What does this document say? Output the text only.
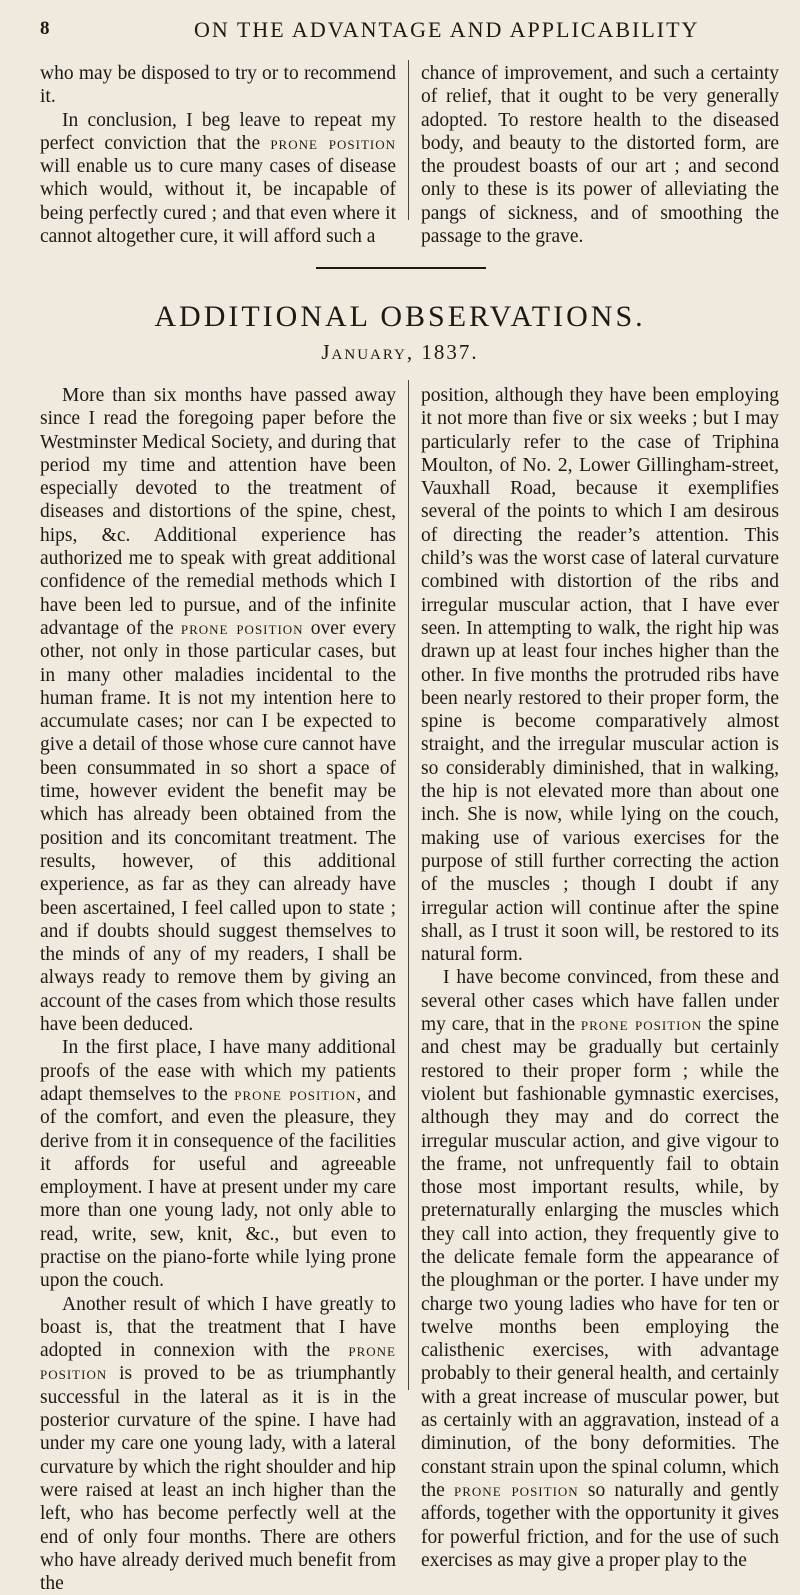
8	ON THE ADVANTAGE AND APPLICABILITY

who may be disposed to try or to recommend it.

In conclusion, I beg leave to repeat my perfect conviction that the prone position will enable us to cure many cases of disease which would, without it, be incapable of being perfectly cured ; and that even where it cannot altogether cure, it will afford such a

chance of improvement, and such a certainty of relief, that it ought to be very generally adopted. To restore health to the diseased body, and beauty to the distorted form, are the proudest boasts of our art ; and second only to these is its power of alleviating the pangs of sickness, and of smoothing the passage to the grave.

ADDITIONAL OBSERVATIONS.
January, 1837.

More than six months have passed away since I read the foregoing paper before the Westminster Medical Society, and during that period my time and attention have been especially devoted to the treatment of diseases and distortions of the spine, chest, hips, &c. Additional experience has authorized me to speak with great additional confidence of the remedial methods which I have been led to pursue, and of the infinite advantage of the prone position over every other, not only in those particular cases, but in many other maladies incidental to the human frame. It is not my intention here to accumulate cases; nor can I be expected to give a detail of those whose cure cannot have been consummated in so short a space of time, however evident the benefit may be which has already been obtained from the position and its concomitant treatment. The results, however, of this additional experience, as far as they can already have been ascertained, I feel called upon to state ; and if doubts should suggest themselves to the minds of any of my readers, I shall be always ready to remove them by giving an account of the cases from which those results have been deduced.

In the first place, I have many additional proofs of the ease with which my patients adapt themselves to the prone position, and of the comfort, and even the pleasure, they derive from it in consequence of the facilities it affords for useful and agreeable employment. I have at present under my care more than one young lady, not only able to read, write, sew, knit, &c., but even to practise on the piano-forte while lying prone upon the couch.

Another result of which I have greatly to boast is, that the treatment that I have adopted in connexion with the prone position is proved to be as triumphantly successful in the lateral as it is in the posterior curvature of the spine. I have had under my care one young lady, with a lateral curvature by which the right shoulder and hip were raised at least an inch higher than the left, who has become perfectly well at the end of only four months. There are others who have already derived much benefit from the

position, although they have been employing it not more than five or six weeks ; but I may particularly refer to the case of Triphina Moulton, of No. 2, Lower Gillingham-street, Vauxhall Road, because it exemplifies several of the points to which I am desirous of directing the reader’s attention. This child’s was the worst case of lateral curvature combined with distortion of the ribs and irregular muscular action, that I have ever seen. In attempting to walk, the right hip was drawn up at least four inches higher than the other. In five months the protruded ribs have been nearly restored to their proper form, the spine is become comparatively almost straight, and the irregular muscular action is so considerably diminished, that in walking, the hip is not elevated more than about one inch. She is now, while lying on the couch, making use of various exercises for the purpose of still further correcting the action of the muscles ; though I doubt if any irregular action will continue after the spine shall, as I trust it soon will, be restored to its natural form.

I have become convinced, from these and several other cases which have fallen under my care, that in the prone position the spine and chest may be gradually but certainly restored to their proper form ; while the violent but fashionable gymnastic exercises, although they may and do correct the irregular muscular action, and give vigour to the frame, not unfrequently fail to obtain those most important results, while, by preternaturally enlarging the muscles which they call into action, they frequently give to the delicate female form the appearance of the ploughman or the porter. I have under my charge two young ladies who have for ten or twelve months been employing the calisthenic exercises, with advantage probably to their general health, and certainly with a great increase of muscular power, but as certainly with an aggravation, instead of a diminution, of the bony deformities. The constant strain upon the spinal column, which the prone position so naturally and gently affords, together with the opportunity it gives for powerful friction, and for the use of such exercises as may give a proper play to the
